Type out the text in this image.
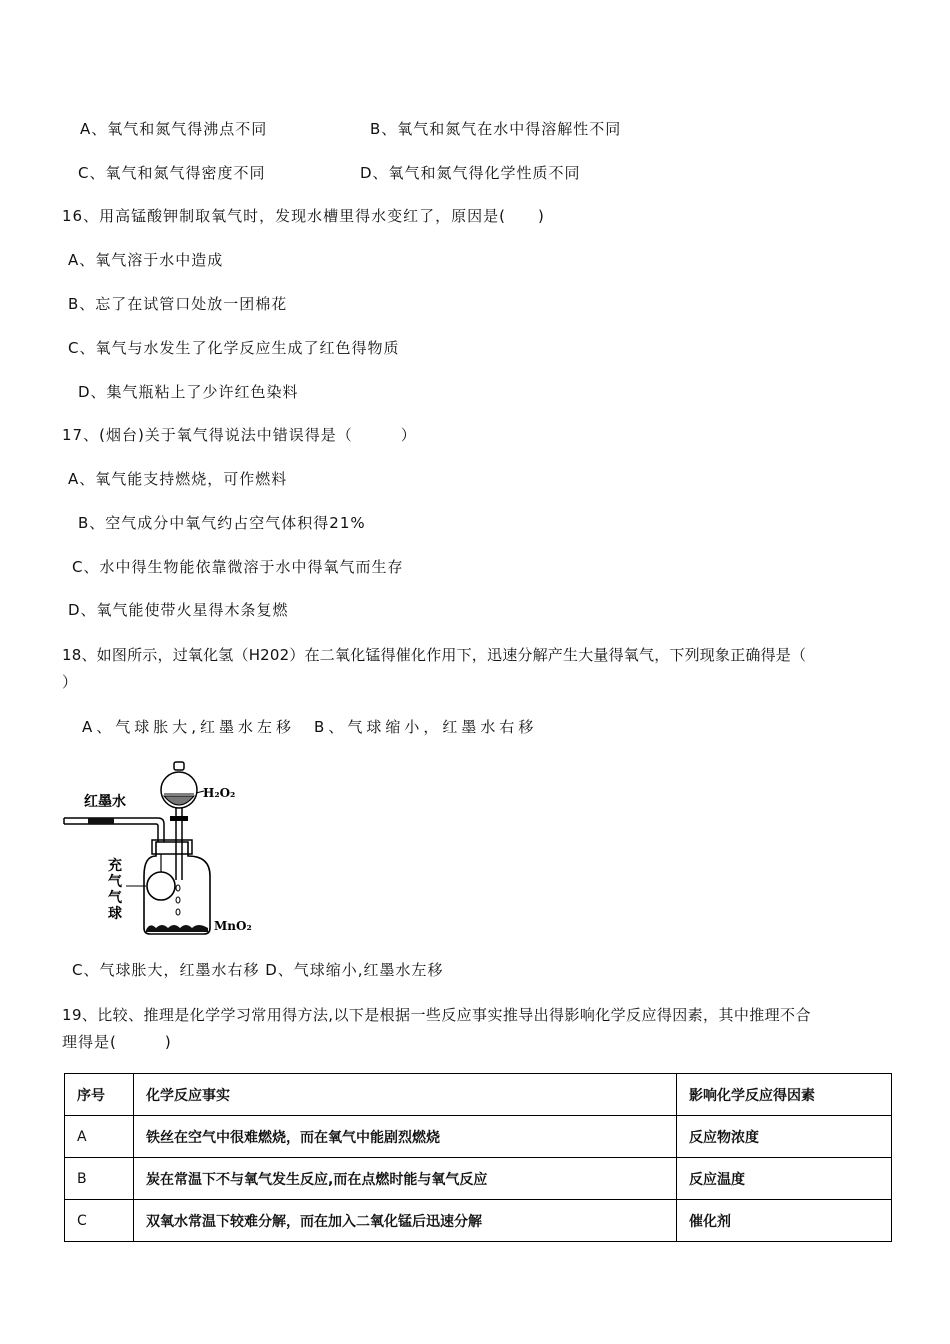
A、氧气和氮气得沸点不同	B、氧气和氮气在水中得溶解性不同
C、氧气和氮气得密度不同	D、氧气和氮气得化学性质不同
16、用高锰酸钾制取氧气时，发现水槽里得水变红了，原因是(　　)
A、氧气溶于水中造成
B、忘了在试管口处放一团棉花
C、氧气与水发生了化学反应生成了红色得物质
D、集气瓶粘上了少许红色染料
17、(烟台)关于氧气得说法中错误得是（　　　）
A、氧气能支持燃烧，可作燃料
B、空气成分中氧气约占空气体积得21%
C、水中得生物能依靠微溶于水中得氧气而生存
D、氧气能使带火星得木条复燃
18、如图所示，过氧化氢（H202）在二氧化锰得催化作用下，迅速分解产生大量得氧气，下列现象正确得是（
）
A、气球胀大,红墨水左移　B、气球缩小，红墨水右移
红墨水
H₂O₂
充
气
气
球
MnO₂
C、气球胀大，红墨水右移 D、气球缩小,红墨水左移
19、比较、推理是化学学习常用得方法,以下是根据一些反应事实推导出得影响化学反应得因素，其中推理不合
理得是(　　　)
序号	化学反应事实	影响化学反应得因素
A	铁丝在空气中很难燃烧，而在氧气中能剧烈燃烧	反应物浓度
B	炭在常温下不与氧气发生反应,而在点燃时能与氧气反应	反应温度
C	双氧水常温下较难分解，而在加入二氧化锰后迅速分解	催化剂
